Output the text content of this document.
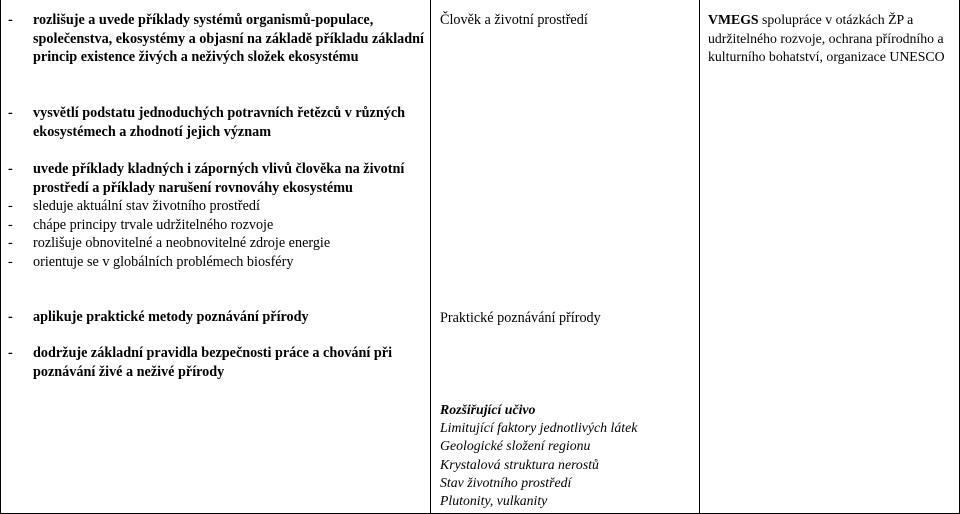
- rozlišuje a uvede příklady systémů organismů-populace, společenstva, ekosystémy a objasní na základě příkladu základní princip existence živých a neživých složek ekosystému
- vysvětlí podstatu jednoduchých potravních řetězců v různých ekosystémech a zhodnotí jejich význam
- uvede příklady kladných i záporných vlivů člověka na životní prostředí a příklady narušení rovnováhy ekosystému
- sleduje aktuální stav životního prostředí
- chápe principy trvale udržitelného rozvoje
- rozlišuje obnovitelné a neobnovitelné zdroje energie
- orientuje se v globálních problémech biosféry
- aplikuje praktické metody poznávání přírody
- dodržuje základní pravidla bezpečnosti práce a chování při poznávání živé a neživé přírody
Člověk a životní prostředí
Praktické poznávání přírody
Rozšiřující učivo
Limitující faktory jednotlivých látek
Geologické složení regionu
Krystalová struktura nerostů
Stav životního prostředí
Plutonity, vulkanity
VMEGS spolupráce v otázkách ŽP a udržitelného rozvoje, ochrana přírodního a kulturního bohatství, organizace UNESCO
